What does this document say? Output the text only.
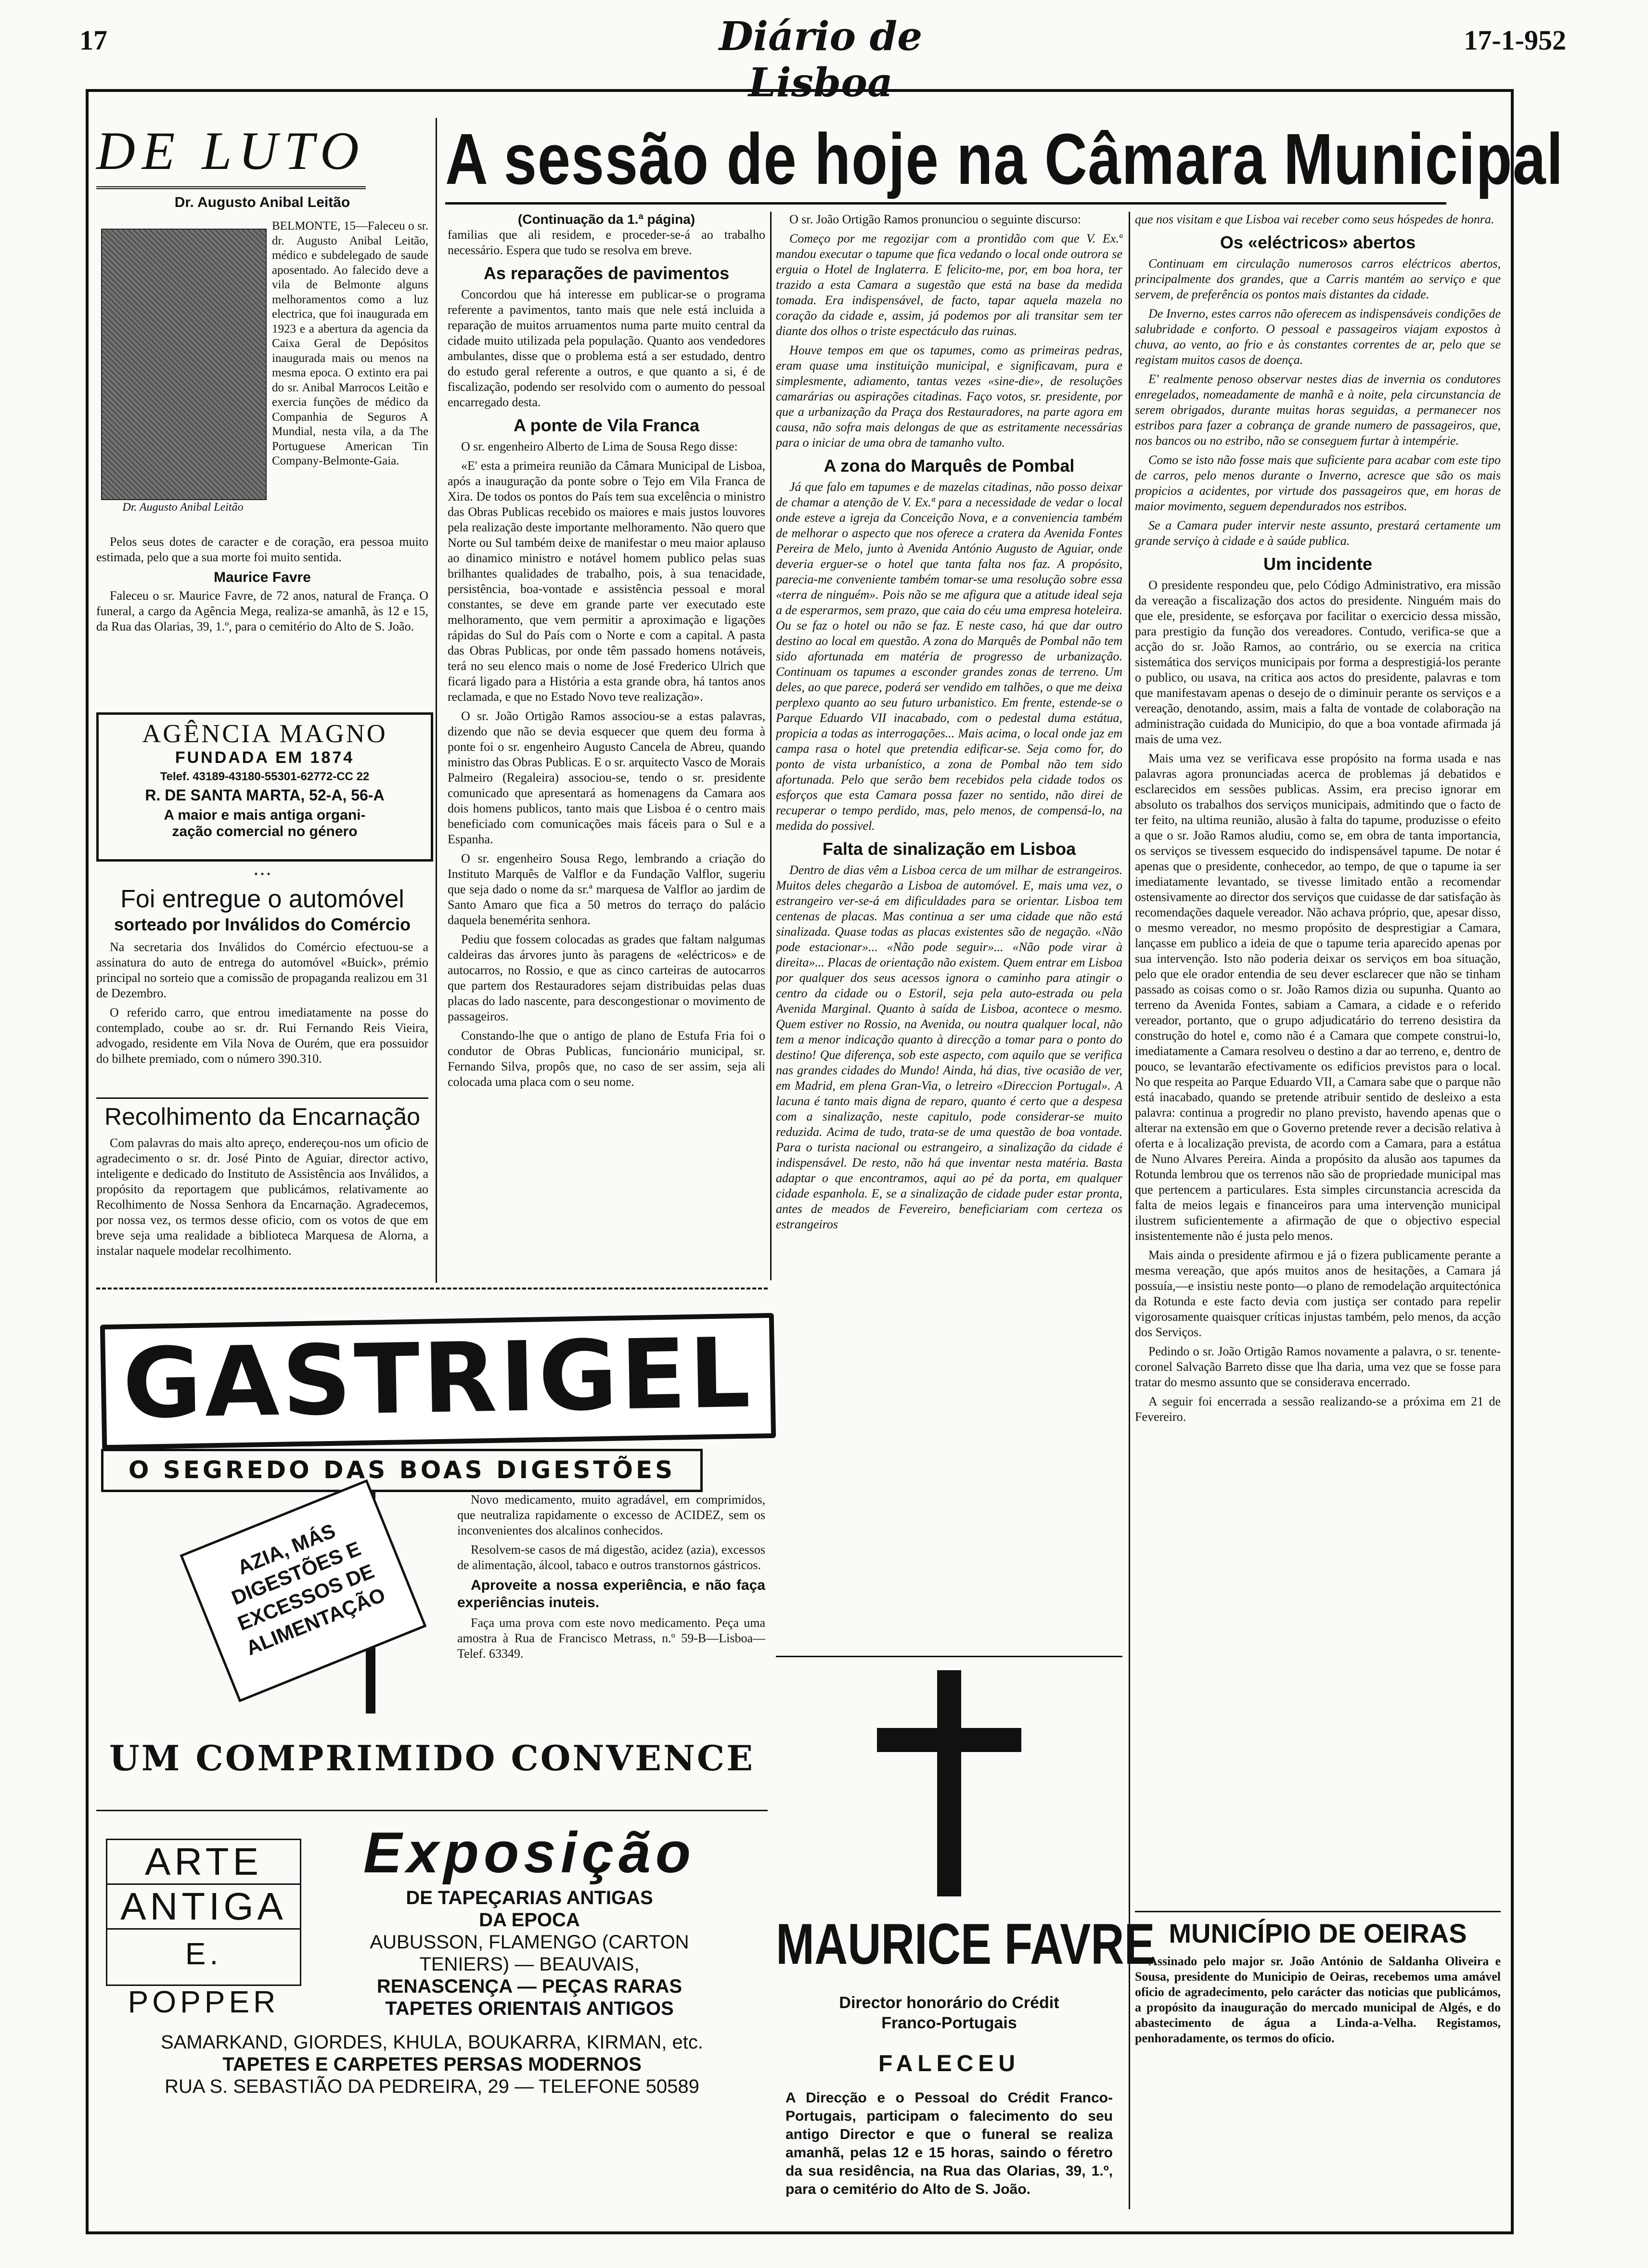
17	Diário de Lisboa
17-1-952
DE LUTO
Dr. Augusto Anibal Leitão
Dr. Augusto Anibal Leitão

BELMONTE, 15—Faleceu o sr. dr. Augusto Anibal Leitão, médico e subdelegado de saude aposentado. Ao falecido deve a vila de Belmonte alguns melhoramentos como a luz electrica, que foi inaugurada em 1923 e a abertura da agencia da Caixa Geral de Depósitos inaugurada mais ou menos na mesma epoca. O extinto era pai do sr. Anibal Marrocos Leitão e exercia funções de médico da Companhia de Seguros A Mundial, nesta vila, a da The Portuguese American Tin Company-Belmonte-Gaia.

Pelos seus dotes de caracter e de coração, era pessoa muito estimada, pelo que a sua morte foi muito sentida.

Maurice Favre

Faleceu o sr. Maurice Favre, de 72 anos, natural de França. O funeral, a cargo da Agência Mega, realiza-se amanhã, às 12 e 15, da Rua das Olarias, 39, 1.º, para o cemitério do Alto de S. João.

AGÊNCIA MAGNO
FUNDADA EM 1874
Telef. 43189-43180-55301-62772-CC 22
R. DE SANTA MARTA, 52-A, 56-A
A maior e mais antiga organi-
zação comercial no género
✦ ✦ ✦
Foi entregue o automóvel
sorteado por Inválidos do Comércio

Na secretaria dos Inválidos do Comércio efectuou-se a assinatura do auto de entrega do automóvel «Buick», prémio principal no sorteio que a comissão de propaganda realizou em 31 de Dezembro.

O referido carro, que entrou imediatamente na posse do contemplado, coube ao sr. dr. Rui Fernando Reis Vieira, advogado, residente em Vila Nova de Ourém, que era possuidor do bilhete premiado, com o número 390.310.

Recolhimento da Encarnação

Com palavras do mais alto apreço, endereçou-nos um oficio de agradecimento o sr. dr. José Pinto de Aguiar, director activo, inteligente e dedicado do Instituto de Assistência aos Inválidos, a propósito da reportagem que publicámos, relativamente ao Recolhimento de Nossa Senhora da Encarnação. Agradecemos, por nossa vez, os termos desse oficio, com os votos de que em breve seja uma realidade a biblioteca Marquesa de Alorna, a instalar naquele modelar recolhimento.

A sessão de hoje na Câmara Municipal
(Continuação da 1.ª página)

familias que ali residem, e proceder-se-á ao trabalho necessário. Espera que tudo se resolva em breve.

As reparações de pavimentos

Concordou que há interesse em publicar-se o programa referente a pavimentos, tanto mais que nele está incluida a reparação de muitos arruamentos numa parte muito central da cidade muito utilizada pela população. Quanto aos vendedores ambulantes, disse que o problema está a ser estudado, dentro do estudo geral referente a outros, e que quanto a si, é de fiscalização, podendo ser resolvido com o aumento do pessoal encarregado desta.

A ponte de Vila Franca

O sr. engenheiro Alberto de Lima de Sousa Rego disse:

«E' esta a primeira reunião da Câmara Municipal de Lisboa, após a inauguração da ponte sobre o Tejo em Vila Franca de Xira. De todos os pontos do País tem sua excelência o ministro das Obras Publicas recebido os maiores e mais justos louvores pela realização deste importante melhoramento. Não quero que Norte ou Sul também deixe de manifestar o meu maior aplauso ao dinamico ministro e notável homem publico pelas suas brilhantes qualidades de trabalho, pois, à sua tenacidade, persistência, boa-vontade e assistência pessoal e moral constantes, se deve em grande parte ver executado este melhoramento, que vem permitir a aproximação e ligações rápidas do Sul do País com o Norte e com a capital. A pasta das Obras Publicas, por onde têm passado homens notáveis, terá no seu elenco mais o nome de José Frederico Ulrich que ficará ligado para a História a esta grande obra, há tantos anos reclamada, e que no Estado Novo teve realização».

O sr. João Ortigão Ramos associou-se a estas palavras, dizendo que não se devia esquecer que quem deu forma à ponte foi o sr. engenheiro Augusto Cancela de Abreu, quando ministro das Obras Publicas. E o sr. arquitecto Vasco de Morais Palmeiro (Regaleira) associou-se, tendo o sr. presidente comunicado que apresentará as homenagens da Camara aos dois homens publicos, tanto mais que Lisboa é o centro mais beneficiado com comunicações mais fáceis para o Sul e a Espanha.

O sr. engenheiro Sousa Rego, lembrando a criação do Instituto Marquês de Valflor e da Fundação Valflor, sugeriu que seja dado o nome da sr.ª marquesa de Valflor ao jardim de Santo Amaro que fica a 50 metros do terraço do palácio daquela benemérita senhora.

Pediu que fossem colocadas as grades que faltam nalgumas caldeiras das árvores junto às paragens de «eléctricos» e de autocarros, no Rossio, e que as cinco carteiras de autocarros que partem dos Restauradores sejam distribuidas pelas duas placas do lado nascente, para descongestionar o movimento de passageiros.

Constando-lhe que o antigo de plano de Estufa Fria foi o condutor de Obras Publicas, funcionário municipal, sr. Fernando Silva, propôs que, no caso de ser assim, seja ali colocada uma placa com o seu nome.

O sr. João Ortigão Ramos pronunciou o seguinte discurso:

Começo por me regozijar com a prontidão com que V. Ex.ª mandou executar o tapume que fica vedando o local onde outrora se erguia o Hotel de Inglaterra. E felicito-me, por, em boa hora, ter trazido a esta Camara a sugestão que está na base da medida tomada. Era indispensável, de facto, tapar aquela mazela no coração da cidade e, assim, já podemos por ali transitar sem ter diante dos olhos o triste espectáculo das ruinas.

Houve tempos em que os tapumes, como as primeiras pedras, eram quase uma instituição municipal, e significavam, pura e simplesmente, adiamento, tantas vezes «sine-die», de resoluções camarárias ou aspirações citadinas. Faço votos, sr. presidente, por que a urbanização da Praça dos Restauradores, na parte agora em causa, não sofra mais delongas de que as estritamente necessárias para o iniciar de uma obra de tamanho vulto.

A zona do Marquês de Pombal

Já que falo em tapumes e de mazelas citadinas, não posso deixar de chamar a atenção de V. Ex.ª para a necessidade de vedar o local onde esteve a igreja da Conceição Nova, e a conveniencia também de melhorar o aspecto que nos oferece a cratera da Avenida Fontes Pereira de Melo, junto à Avenida António Augusto de Aguiar, onde deveria erguer-se o hotel que tanta falta nos faz. A propósito, parecia-me conveniente também tomar-se uma resolução sobre essa «terra de ninguém». Pois não se me afigura que a atitude ideal seja a de esperarmos, sem prazo, que caia do céu uma empresa hoteleira. Ou se faz o hotel ou não se faz. E neste caso, há que dar outro destino ao local em questão. A zona do Marquês de Pombal não tem sido afortunada em matéria de progresso de urbanização. Continuam os tapumes a esconder grandes zonas de terreno. Um deles, ao que parece, poderá ser vendido em talhões, o que me deixa perplexo quanto ao seu futuro urbanistico. Em frente, estende-se o Parque Eduardo VII inacabado, com o pedestal duma estátua, propicia a todas as interrogações... Mais acima, o local onde jaz em campa rasa o hotel que pretendia edificar-se. Seja como for, do ponto de vista urbanístico, a zona de Pombal não tem sido afortunada. Pelo que serão bem recebidos pela cidade todos os esforços que esta Camara possa fazer no sentido, não direi de recuperar o tempo perdido, mas, pelo menos, de compensá-lo, na medida do possivel.

Falta de sinalização em Lisboa

Dentro de dias vêm a Lisboa cerca de um milhar de estrangeiros. Muitos deles chegarão a Lisboa de automóvel. E, mais uma vez, o estrangeiro ver-se-á em dificuldades para se orientar. Lisboa tem centenas de placas. Mas continua a ser uma cidade que não está sinalizada. Quase todas as placas existentes são de negação. «Não pode estacionar»... «Não pode seguir»... «Não pode virar à direita»... Placas de orientação não existem. Quem entrar em Lisboa por qualquer dos seus acessos ignora o caminho para atingir o centro da cidade ou o Estoril, seja pela auto-estrada ou pela Avenida Marginal. Quanto à saída de Lisboa, acontece o mesmo. Quem estiver no Rossio, na Avenida, ou noutra qualquer local, não tem a menor indicação quanto à direcção a tomar para o ponto do destino! Que diferença, sob este aspecto, com aquilo que se verifica nas grandes cidades do Mundo! Ainda, há dias, tive ocasião de ver, em Madrid, em plena Gran-Via, o letreiro «Direccion Portugal». A lacuna é tanto mais digna de reparo, quanto é certo que a despesa com a sinalização, neste capitulo, pode considerar-se muito reduzida. Acima de tudo, trata-se de uma questão de boa vontade. Para o turista nacional ou estrangeiro, a sinalização da cidade é indispensável. De resto, não há que inventar nesta matéria. Basta adaptar o que encontramos, aqui ao pé da porta, em qualquer cidade espanhola. E, se a sinalização de cidade puder estar pronta, antes de meados de Fevereiro, beneficiariam com certeza os estrangeiros

que nos visitam e que Lisboa vai receber como seus hóspedes de honra.

Os «eléctricos» abertos

Continuam em circulação numerosos carros eléctricos abertos, principalmente dos grandes, que a Carris mantém ao serviço e que servem, de preferência os pontos mais distantes da cidade.

De Inverno, estes carros não oferecem as indispensáveis condições de salubridade e conforto. O pessoal e passageiros viajam expostos à chuva, ao vento, ao frio e às constantes correntes de ar, pelo que se registam muitos casos de doença.

E' realmente penoso observar nestes dias de invernia os condutores enregelados, nomeadamente de manhã e à noite, pela circunstancia de serem obrigados, durante muitas horas seguidas, a permanecer nos estribos para fazer a cobrança de grande numero de passageiros, que, nos bancos ou no estribo, não se conseguem furtar à intempérie.

Como se isto não fosse mais que suficiente para acabar com este tipo de carros, pelo menos durante o Inverno, acresce que são os mais propicios a acidentes, por virtude dos passageiros que, em horas de maior movimento, seguem dependurados nos estribos.

Se a Camara puder intervir neste assunto, prestará certamente um grande serviço à cidade e à saúde publica.

Um incidente

O presidente respondeu que, pelo Código Administrativo, era missão da vereação a fiscalização dos actos do presidente. Ninguém mais do que ele, presidente, se esforçava por facilitar o exercicio dessa missão, para prestigio da função dos vereadores. Contudo, verifica-se que a acção do sr. João Ramos, ao contrário, ou se exercia na critica sistemática dos serviços municipais por forma a desprestigiá-los perante o publico, ou usava, na critica aos actos do presidente, palavras e tom que manifestavam apenas o desejo de o diminuir perante os serviços e a vereação, denotando, assim, mais a falta de vontade de colaboração na administração cuidada do Municipio, do que a boa vontade afirmada já mais de uma vez.

Mais uma vez se verificava esse propósito na forma usada e nas palavras agora pronunciadas acerca de problemas já debatidos e esclarecidos em sessões publicas. Assim, era preciso ignorar em absoluto os trabalhos dos serviços municipais, admitindo que o facto de ter feito, na ultima reunião, alusão à falta do tapume, produzisse o efeito a que o sr. João Ramos aludiu, como se, em obra de tanta importancia, os serviços se tivessem esquecido do indispensável tapume. De notar é apenas que o presidente, conhecedor, ao tempo, de que o tapume ia ser imediatamente levantado, se tivesse limitado então a recomendar ostensivamente ao director dos serviços que cuidasse de dar satisfação às recomendações daquele vereador. Não achava próprio, que, apesar disso, o mesmo vereador, no mesmo propósito de desprestigiar a Camara, lançasse em publico a ideia de que o tapume teria aparecido apenas por sua intervenção. Isto não poderia deixar os serviços em boa situação, pelo que ele orador entendia de seu dever esclarecer que não se tinham passado as coisas como o sr. João Ramos dizia ou supunha. Quanto ao terreno da Avenida Fontes, sabiam a Camara, a cidade e o referido vereador, portanto, que o grupo adjudicatário do terreno desistira da construção do hotel e, como não é a Camara que compete construi-lo, imediatamente a Camara resolveu o destino a dar ao terreno, e, dentro de pouco, se levantarão efectivamente os edificios previstos para o local. No que respeita ao Parque Eduardo VII, a Camara sabe que o parque não está inacabado, quando se pretende atribuir sentido de desleixo a esta palavra: continua a progredir no plano previsto, havendo apenas que o alterar na extensão em que o Governo pretende rever a decisão relativa à oferta e à localização prevista, de acordo com a Camara, para a estátua de Nuno Alvares Pereira. Ainda a propósito da alusão aos tapumes da Rotunda lembrou que os terrenos não são de propriedade municipal mas que pertencem a particulares. Esta simples circunstancia acrescida da falta de meios legais e financeiros para uma intervenção municipal ilustrem suficientemente a afirmação de que o objectivo especial insistentemente não é justa pelo menos.

Mais ainda o presidente afirmou e já o fizera publicamente perante a mesma vereação, que após muitos anos de hesitações, a Camara já possuía,—e insistiu neste ponto—o plano de remodelação arquitectónica da Rotunda e este facto devia com justiça ser contado para repelir vigorosamente quaisquer críticas injustas também, pelo menos, da acção dos Serviços.

Pedindo o sr. João Ortigão Ramos novamente a palavra, o sr. tenente-coronel Salvação Barreto disse que lha daria, uma vez que se fosse para tratar do mesmo assunto que se considerava encerrado.

A seguir foi encerrada a sessão realizando-se a próxima em 21 de Fevereiro.

GASTRIGEL
O SEGREDO DAS BOAS DIGESTÕES
AZIA, MÁS DIGESTÕES E EXCESSOS DE ALIMENTAÇÃO

Novo medicamento, muito agradável, em comprimidos, que neutraliza rapidamente o excesso de ACIDEZ, sem os inconvenientes dos alcalinos conhecidos.

Resolvem-se casos de má digestão, acidez (azia), excessos de alimentação, álcool, tabaco e outros transtornos gástricos.

Aproveite a nossa experiência, e não faça experiências inuteis.

Faça uma prova com este novo medicamento. Peça uma amostra à Rua de Francisco Metrass, n.º 59-B—Lisboa—Telef. 63349.

UM COMPRIMIDO CONVENCE
ARTE
ANTIGA
E. POPPER
Exposição
DE TAPEÇARIAS ANTIGAS
DA EPOCA
AUBUSSON, FLAMENGO (CARTON
TENIERS) — BEAUVAIS,
RENASCENÇA — PEÇAS RARAS
TAPETES ORIENTAIS ANTIGOS
SAMARKAND, GIORDES, KHULA, BOUKARRA, KIRMAN, etc.
TAPETES E CARPETES PERSAS MODERNOS
RUA S. SEBASTIÃO DA PEDREIRA, 29 — TELEFONE 50589
MAURICE FAVRE
Director honorário do Crédit
Franco-Portugais
FALECEU
A Direcção e o Pessoal do Crédit Franco-Portugais, participam o falecimento do seu antigo Director e que o funeral se realiza amanhã, pelas 12 e 15 horas, saindo o féretro da sua residência, na Rua das Olarias, 39, 1.º, para o cemitério do Alto de S. João.
MUNICÍPIO DE OEIRAS

Assinado pelo major sr. João António de Saldanha Oliveira e Sousa, presidente do Municipio de Oeiras, recebemos uma amável oficio de agradecimento, pelo carácter das noticias que publicámos, a propósito da inauguração do mercado municipal de Algés, e do abastecimento de água a Linda-a-Velha. Registamos, penhoradamente, os termos do oficio.
